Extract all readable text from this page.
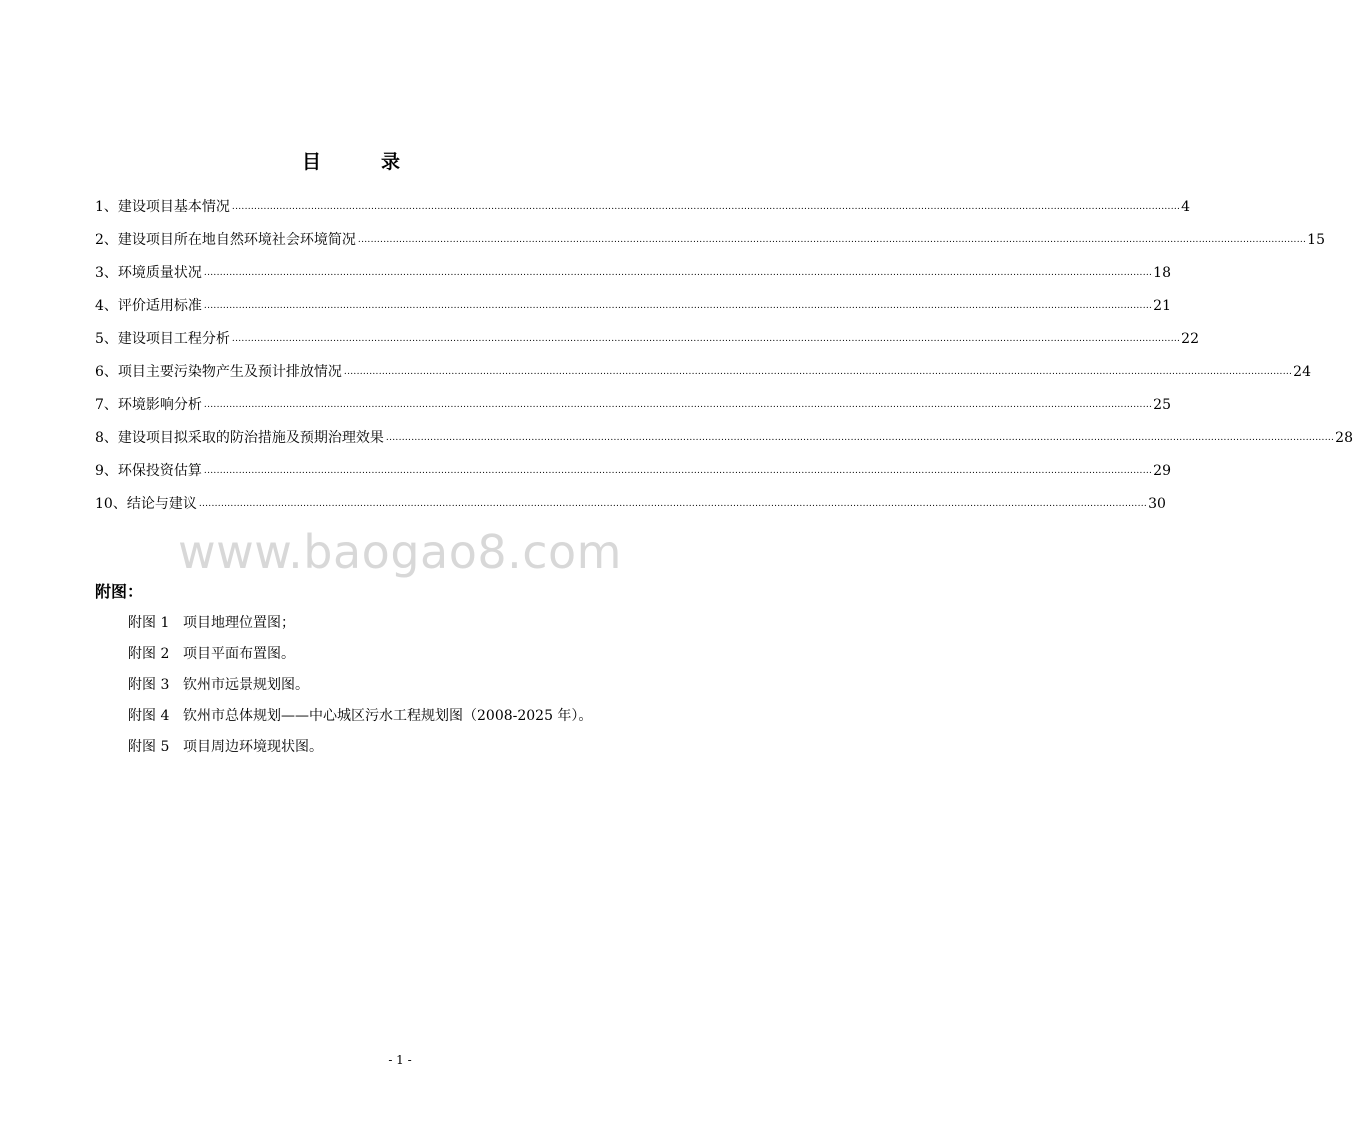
目	录
1、 建设项目基本情况 ............................................................................................................................................................................................................................................................................................................ 4
2、 建设项目所在地自然环境社会环境简况 ............................................................................................................................................................................................................................................................................................................ 15
3、 环境质量状况 ............................................................................................................................................................................................................................................................................................................ 18
4、 评价适用标准 ............................................................................................................................................................................................................................................................................................................ 21
5、 建设项目工程分析 ............................................................................................................................................................................................................................................................................................................ 22
6、 项目主要污染物产生及预计排放情况 ............................................................................................................................................................................................................................................................................................................ 24
7、 环境影响分析 ............................................................................................................................................................................................................................................................................................................ 25
8、 建设项目拟采取的防治措施及预期治理效果 ............................................................................................................................................................................................................................................................................................................ 28
9、 环保投资估算 ............................................................................................................................................................................................................................................................................................................ 29
10、 结论与建议 ............................................................................................................................................................................................................................................................................................................ 30
www.baogao8.com
附图：
附图 1 项目地理位置图；
附图 2 项目平面布置图。
附图 3 钦州市远景规划图。
附图 4 钦州市总体规划——中心城区污水工程规划图（2008-2025 年）。
附图 5 项目周边环境现状图。
- 1 -
